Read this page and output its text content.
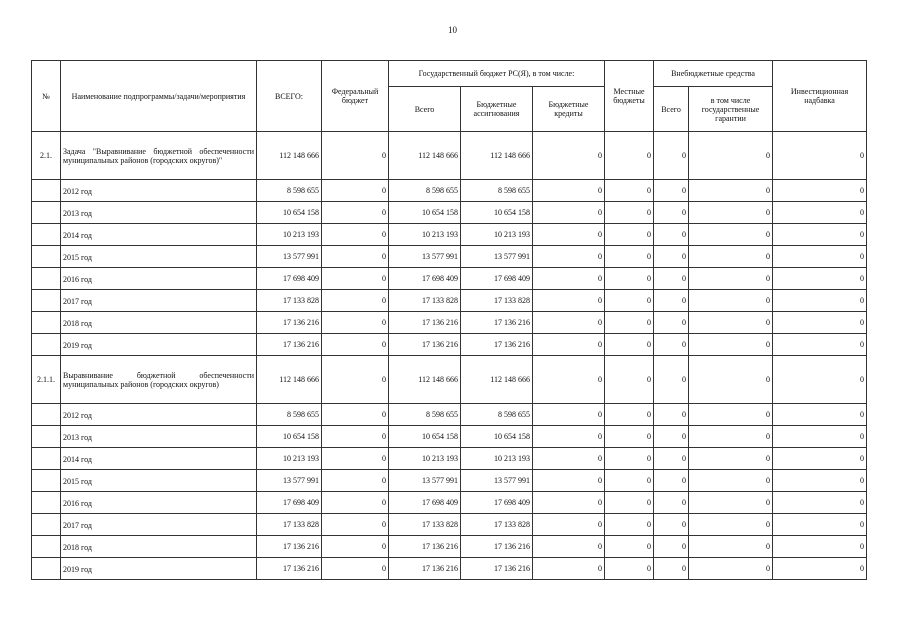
10
№	Наименование подпрограммы/задачи/мероприятия	ВСЕГО:	Федеральный бюджет	Государственный бюджет РС(Я), в том числе:			Местные бюджеты	Внебюджетные средства		Инвестиционная надбавка
				Всего	Бюджетные ассигнования	Бюджетные кредиты		Всего	в том числе государственные гарантии	
2.1.	Задача "Выравнивание бюджетной обеспеченности муниципальных районов (городских округов)"	112 148 666	0	112 148 666	112 148 666	0	0	0	0	0
	2012 год	8 598 655	0	8 598 655	8 598 655	0	0	0	0	0
	2013 год	10 654 158	0	10 654 158	10 654 158	0	0	0	0	0
	2014 год	10 213 193	0	10 213 193	10 213 193	0	0	0	0	0
	2015 год	13 577 991	0	13 577 991	13 577 991	0	0	0	0	0
	2016 год	17 698 409	0	17 698 409	17 698 409	0	0	0	0	0
	2017 год	17 133 828	0	17 133 828	17 133 828	0	0	0	0	0
	2018 год	17 136 216	0	17 136 216	17 136 216	0	0	0	0	0
	2019 год	17 136 216	0	17 136 216	17 136 216	0	0	0	0	0
2.1.1.	Выравнивание бюджетной обеспеченности муниципальных районов (городских округов)	112 148 666	0	112 148 666	112 148 666	0	0	0	0	0
	2012 год	8 598 655	0	8 598 655	8 598 655	0	0	0	0	0
	2013 год	10 654 158	0	10 654 158	10 654 158	0	0	0	0	0
	2014 год	10 213 193	0	10 213 193	10 213 193	0	0	0	0	0
	2015 год	13 577 991	0	13 577 991	13 577 991	0	0	0	0	0
	2016 год	17 698 409	0	17 698 409	17 698 409	0	0	0	0	0
	2017 год	17 133 828	0	17 133 828	17 133 828	0	0	0	0	0
	2018 год	17 136 216	0	17 136 216	17 136 216	0	0	0	0	0
	2019 год	17 136 216	0	17 136 216	17 136 216	0	0	0	0	0
